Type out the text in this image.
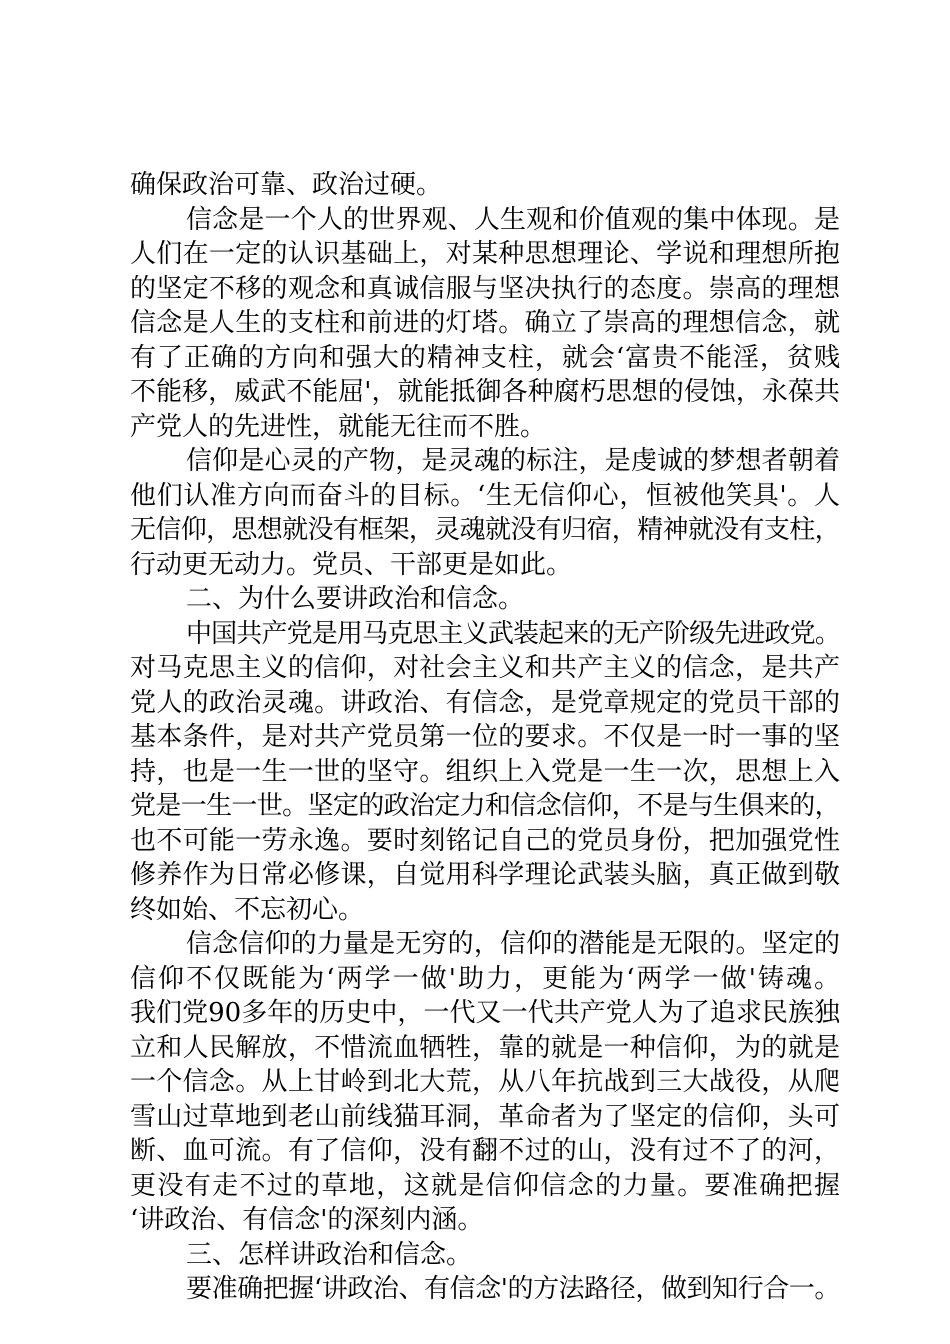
确保政治可靠、政治过硬。
信念是一个人的世界观、人生观和价值观的集中体现。是
人们在一定的认识基础上，对某种思想理论、学说和理想所抱
的坚定不移的观念和真诚信服与坚决执行的态度。崇高的理想
信念是人生的支柱和前进的灯塔。确立了崇高的理想信念，就
有了正确的方向和强大的精神支柱，就会‘富贵不能淫，贫贱
不能移，威武不能屈'，就能抵御各种腐朽思想的侵蚀，永葆共
产党人的先进性，就能无往而不胜。
信仰是心灵的产物，是灵魂的标注，是虔诚的梦想者朝着
他们认准方向而奋斗的目标。‘生无信仰心，恒被他笑具'。人
无信仰，思想就没有框架，灵魂就没有归宿，精神就没有支柱，
行动更无动力。党员、干部更是如此。
二、为什么要讲政治和信念。
中国共产党是用马克思主义武装起来的无产阶级先进政党。
对马克思主义的信仰，对社会主义和共产主义的信念，是共产
党人的政治灵魂。讲政治、有信念，是党章规定的党员干部的
基本条件，是对共产党员第一位的要求。不仅是一时一事的坚
持，也是一生一世的坚守。组织上入党是一生一次，思想上入
党是一生一世。坚定的政治定力和信念信仰，不是与生俱来的，
也不可能一劳永逸。要时刻铭记自己的党员身份，把加强党性
修养作为日常必修课，自觉用科学理论武装头脑，真正做到敬
终如始、不忘初心。
信念信仰的力量是无穷的，信仰的潜能是无限的。坚定的
信仰不仅既能为‘两学一做'助力，更能为‘两学一做'铸魂。
我们党90多年的历史中，一代又一代共产党人为了追求民族独
立和人民解放，不惜流血牺牲，靠的就是一种信仰，为的就是
一个信念。从上甘岭到北大荒，从八年抗战到三大战役，从爬
雪山过草地到老山前线猫耳洞，革命者为了坚定的信仰，头可
断、血可流。有了信仰，没有翻不过的山，没有过不了的河，
更没有走不过的草地，这就是信仰信念的力量。要准确把握
‘讲政治、有信念'的深刻内涵。
三、怎样讲政治和信念。
要准确把握‘讲政治、有信念'的方法路径，做到知行合一。
